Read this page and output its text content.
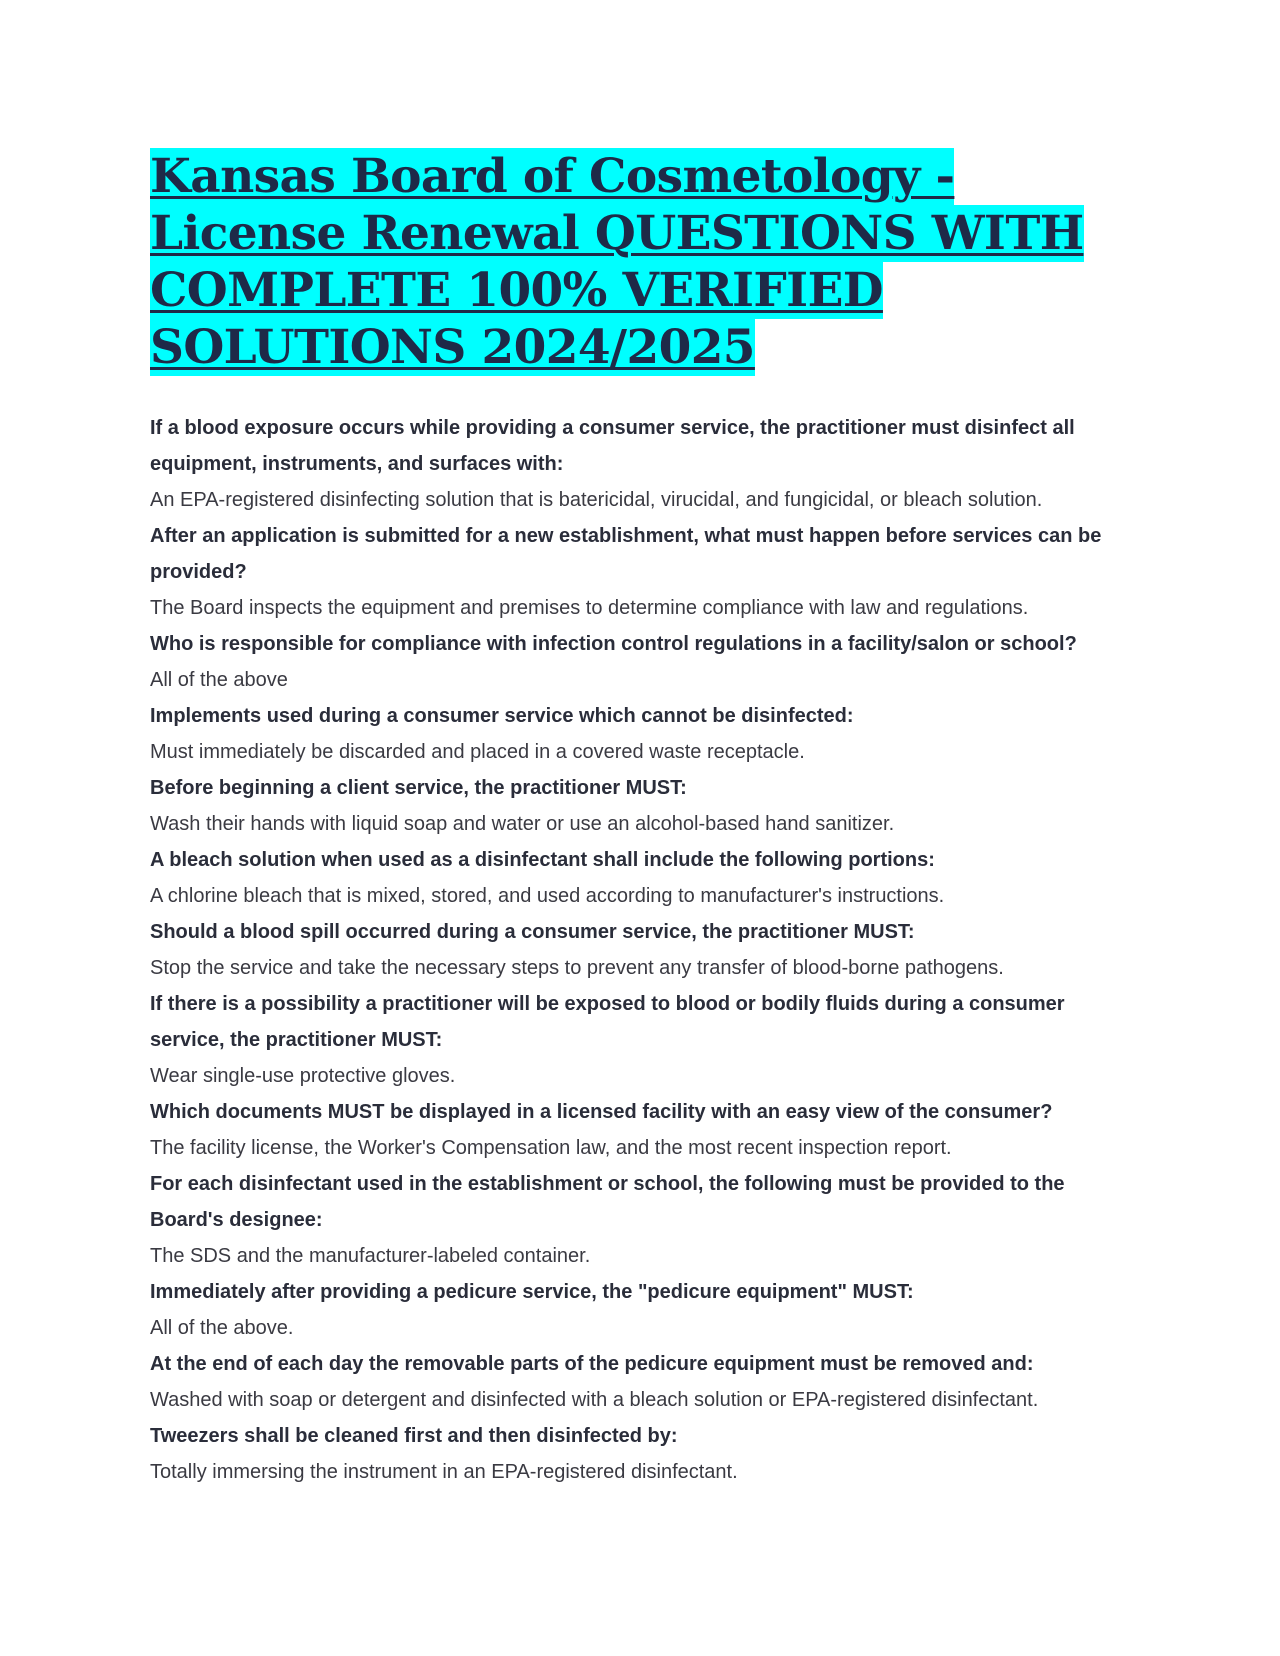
Kansas Board of Cosmetology -
License Renewal QUESTIONS WITH
COMPLETE 100% VERIFIED
SOLUTIONS 2024/2025
If a blood exposure occurs while providing a consumer service, the practitioner must disinfect all equipment, instruments, and surfaces with:
An EPA-registered disinfecting solution that is batericidal, virucidal, and fungicidal, or bleach solution.
After an application is submitted for a new establishment, what must happen before services can be provided?
The Board inspects the equipment and premises to determine compliance with law and regulations.
Who is responsible for compliance with infection control regulations in a facility/salon or school?
All of the above
Implements used during a consumer service which cannot be disinfected:
Must immediately be discarded and placed in a covered waste receptacle.
Before beginning a client service, the practitioner MUST:
Wash their hands with liquid soap and water or use an alcohol-based hand sanitizer.
A bleach solution when used as a disinfectant shall include the following portions:
A chlorine bleach that is mixed, stored, and used according to manufacturer's instructions.
Should a blood spill occurred during a consumer service, the practitioner MUST:
Stop the service and take the necessary steps to prevent any transfer of blood-borne pathogens.
If there is a possibility a practitioner will be exposed to blood or bodily fluids during a consumer service, the practitioner MUST:
Wear single-use protective gloves.
Which documents MUST be displayed in a licensed facility with an easy view of the consumer?
The facility license, the Worker's Compensation law, and the most recent inspection report.
For each disinfectant used in the establishment or school, the following must be provided to the Board's designee:
The SDS and the manufacturer-labeled container.
Immediately after providing a pedicure service, the "pedicure equipment" MUST:
All of the above.
At the end of each day the removable parts of the pedicure equipment must be removed and:
Washed with soap or detergent and disinfected with a bleach solution or EPA-registered disinfectant.
Tweezers shall be cleaned first and then disinfected by:
Totally immersing the instrument in an EPA-registered disinfectant.
